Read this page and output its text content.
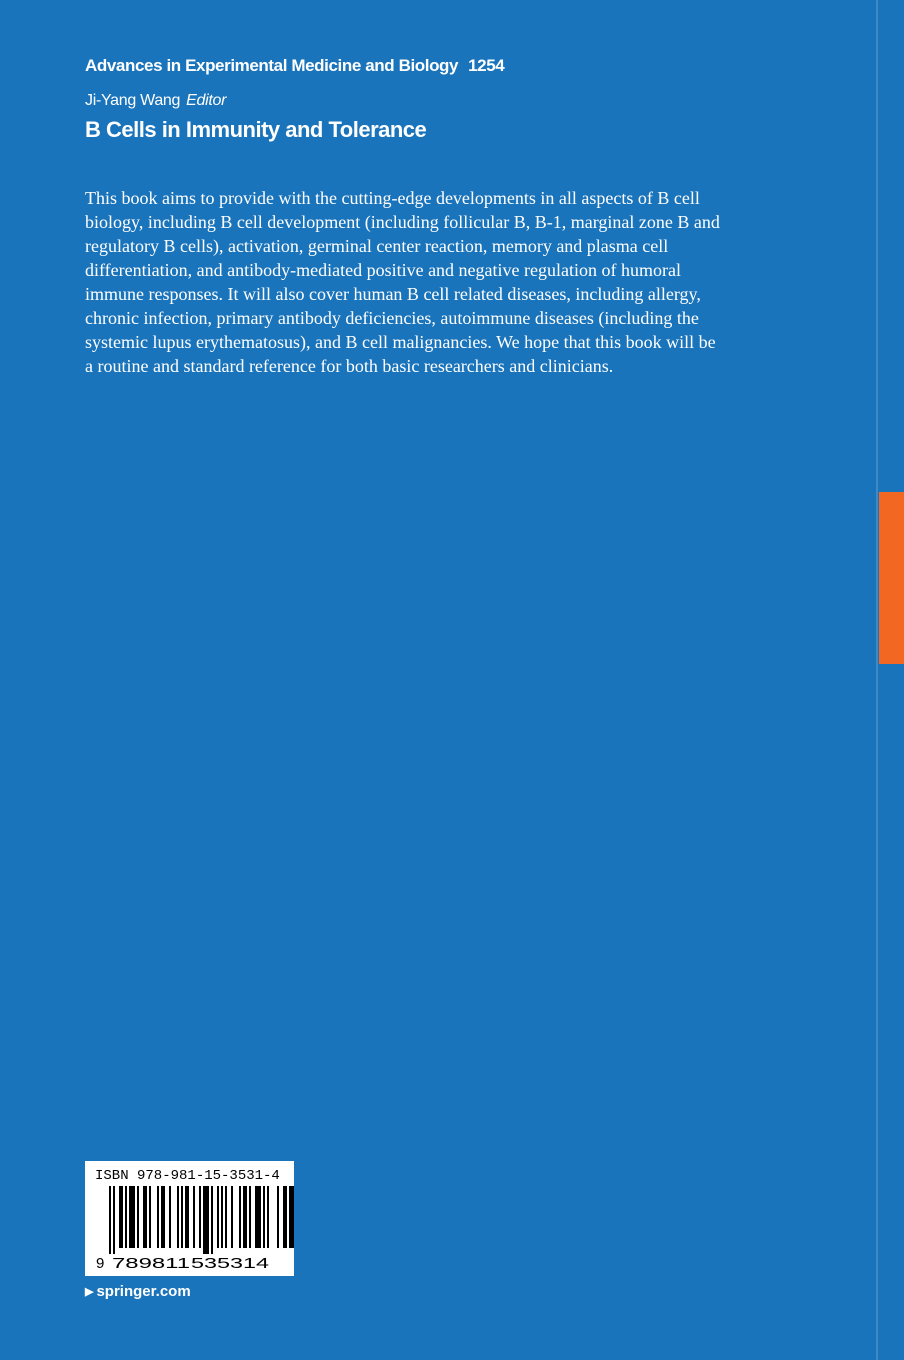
Advances in Experimental Medicine and Biology 1254
Ji-Yang Wang Editor
B Cells in Immunity and Tolerance

This book aims to provide with the cutting-edge developments in all aspects of B cell biology, including B cell development (including follicular B, B-1, marginal zone B and regulatory B cells), activation, germinal center reaction, memory and plasma cell differentiation, and antibody-mediated positive and negative regulation of humoral immune responses. It will also cover human B cell related diseases, including allergy, chronic infection, primary antibody deficiencies, autoimmune diseases (including the systemic lupus erythematosus), and B cell malignancies. We hope that this book will be a routine and standard reference for both basic researchers and clinicians.

ISBN 978-981-15-3531-4
9 789811 535314
▶ springer.com
